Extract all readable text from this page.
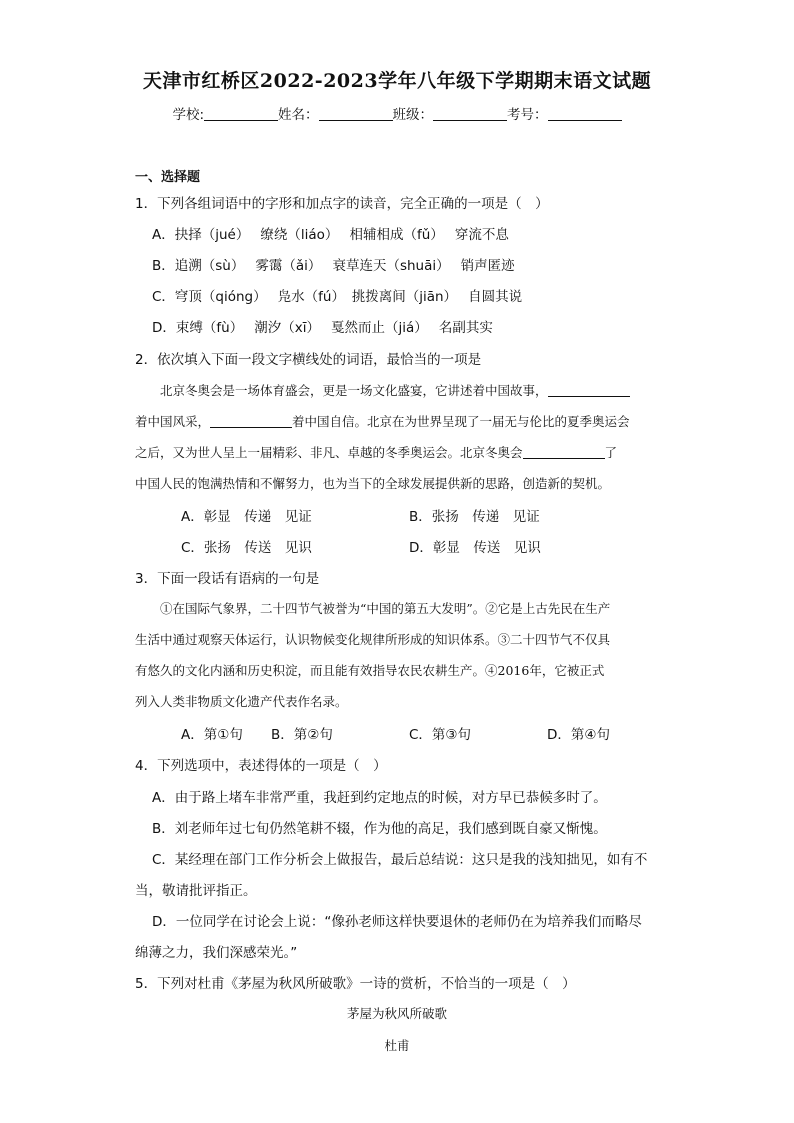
天津市红桥区2022-2023学年八年级下学期期末语文试题
学校:	姓名：	班级：	考号：
一、选择题
1．下列各组词语中的字形和加点字的读音，完全正确的一项是（　）
A．抉择（jué）　 缭绕（liáo）　 相辅相成（fǔ）　 穿流不息
B．追溯（sù）　 雾霭（ǎi）　 衰草连天（shuāi）　 销声匿迹
C．穹顶（qióng）　 凫水（fú）　挑拨离间（jiān）　 自圆其说
D．束缚（fù）　 潮汐（xī）　 戛然而止（jiá）　 名副其实
2．依次填入下面一段文字横线处的词语，最恰当的一项是
北京冬奥会是一场体育盛会，更是一场文化盛宴，它讲述着中国故事，
着中国风采，	着中国自信。北京在为世界呈现了一届无与伦比的夏季奥运会
之后，又为世人呈上一届精彩、非凡、卓越的冬季奥运会。北京冬奥会	了
中国人民的饱满热情和不懈努力，也为当下的全球发展提供新的思路，创造新的契机。
A．彰显　传递　见证	B．张扬　传递　见证
C．张扬　传送　见识	D．彰显　传送　见识
3．下面一段话有语病的一句是
①在国际气象界，二十四节气被誉为“中国的第五大发明”。②它是上古先民在生产
生活中通过观察天体运行，认识物候变化规律所形成的知识体系。③二十四节气不仅具
有悠久的文化内涵和历史积淀，而且能有效指导农民农耕生产。④2016年，它被正式
列入人类非物质文化遗产代表作名录。
A．第①句 B．第②句	C．第③句	D．第④句
4．下列选项中，表述得体的一项是（　）
A．由于路上堵车非常严重，我赶到约定地点的时候，对方早已恭候多时了。
B．刘老师年过七旬仍然笔耕不辍，作为他的高足，我们感到既自豪又惭愧。
C．某经理在部门工作分析会上做报告，最后总结说：这只是我的浅知拙见，如有不
当，敬请批评指正。
D．一位同学在讨论会上说：“像孙老师这样快要退休的老师仍在为培养我们而略尽
绵薄之力，我们深感荣光。”
5．下列对杜甫《茅屋为秋风所破歌》一诗的赏析，不恰当的一项是（　）
茅屋为秋风所破歌
杜甫
